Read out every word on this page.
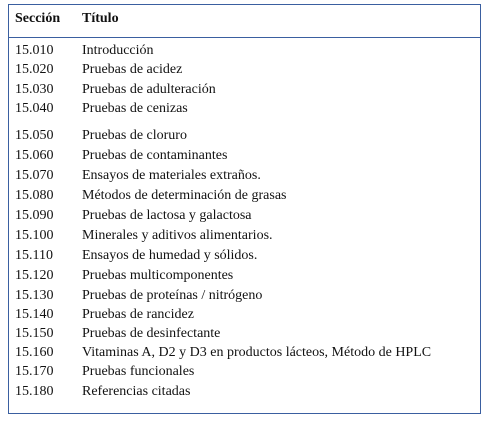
Sección Título
15.010 Introducción
15.020 Pruebas de acidez
15.030 Pruebas de adulteración
15.040 Pruebas de cenizas
15.050 Pruebas de cloruro
15.060 Pruebas de contaminantes
15.070 Ensayos de materiales extraños.
15.080 Métodos de determinación de grasas
15.090 Pruebas de lactosa y galactosa
15.100 Minerales y aditivos alimentarios.
15.110 Ensayos de humedad y sólidos.
15.120 Pruebas multicomponentes
15.130 Pruebas de proteínas / nitrógeno
15.140 Pruebas de rancidez
15.150 Pruebas de desinfectante
15.160 Vitaminas A, D2 y D3 en productos lácteos, Método de HPLC
15.170 Pruebas funcionales
15.180 Referencias citadas
